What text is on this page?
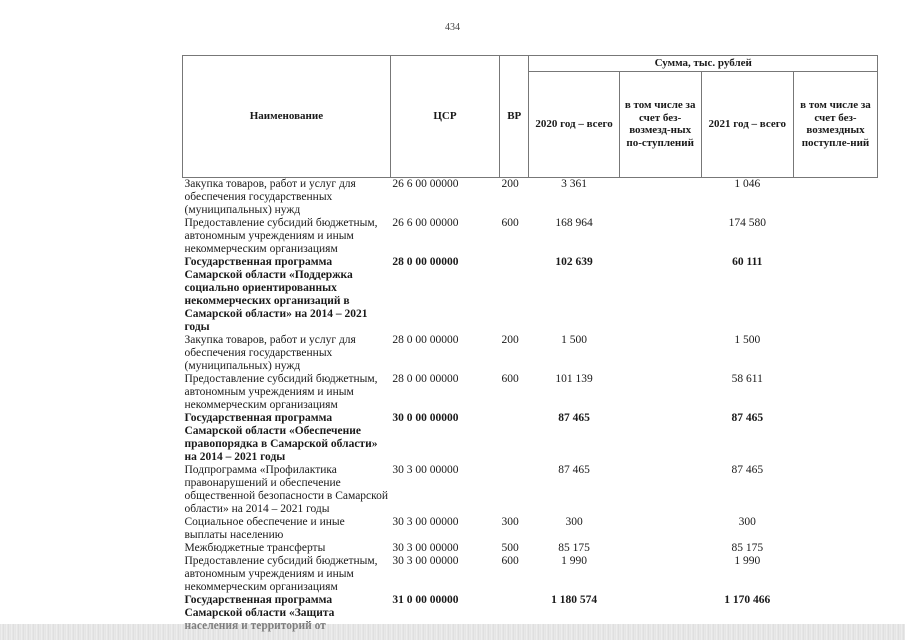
434
Наименование	ЦСР	ВР	Сумма, тыс. рублей			
			2020 год – всего	в том числе за счет без-возмезд-ных по-ступлений	2021 год – всего	в том числе за счет без-возмездных поступле-ний
Закупка товаров, работ и услуг для обеспечения государственных (муниципальных) нужд	26 6 00 00000	200	3 361		1 046	
Предоставление субсидий бюджетным, автономным учреждениям и иным некоммерческим организациям	26 6 00 00000	600	168 964		174 580	
Государственная программа Самарской области «Поддержка социально ориентированных некоммерческих организаций в Самарской области» на 2014 – 2021 годы	28 0 00 00000		102 639		60 111	
Закупка товаров, работ и услуг для обеспечения государственных (муниципальных) нужд	28 0 00 00000	200	1 500		1 500	
Предоставление субсидий бюджетным, автономным учреждениям и иным некоммерческим организациям	28 0 00 00000	600	101 139		58 611	
Государственная программа Самарской области «Обеспечение правопорядка в Самарской области» на 2014 – 2021 годы	30 0 00 00000		87 465		87 465	
Подпрограмма «Профилактика правонарушений и обеспечение общественной безопасности в Самарской области» на 2014 – 2021 годы	30 3 00 00000		87 465		87 465	
Социальное обеспечение и иные выплаты населению	30 3 00 00000	300	300		300	
Межбюджетные трансферты	30 3 00 00000	500	85 175		85 175	
Предоставление субсидий бюджетным, автономным учреждениям и иным некоммерческим организациям	30 3 00 00000	600	1 990		1 990	
Государственная программа Самарской области «Защита	31 0 00 00000		1 180 574		1 170 466	
